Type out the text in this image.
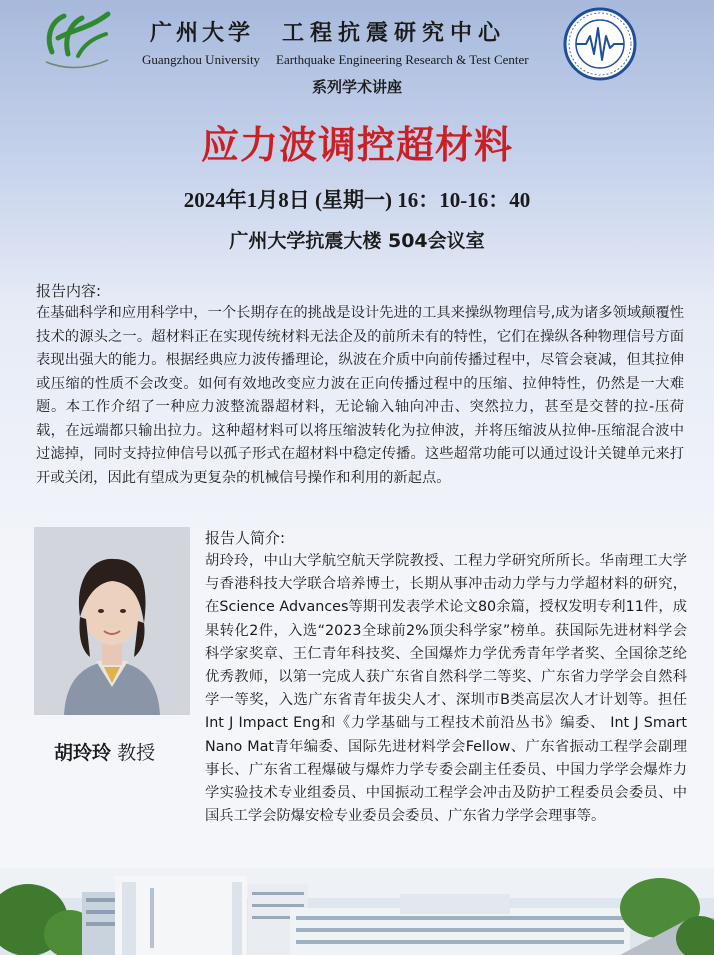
广州大学
Guangzhou University
工程抗震研究中心
Earthquake Engineering Research & Test Center
系列学术讲座
应力波调控超材料
2024年1月8日 (星期一) 16：10-16：40
广州大学抗震大楼 504会议室
报告内容:

在基础科学和应用科学中，一个长期存在的挑战是设计先进的工具来操纵物理信号,成为诸多领域颠覆性技术的源头之一。超材料正在实现传统材料无法企及的前所未有的特性，它们在操纵各种物理信号方面表现出强大的能力。根据经典应力波传播理论，纵波在介质中向前传播过程中，尽管会衰减，但其拉伸或压缩的性质不会改变。如何有效地改变应力波在正向传播过程中的压缩、拉伸特性，仍然是一大难题。本工作介绍了一种应力波整流器超材料，无论输入轴向冲击、突然拉力，甚至是交替的拉-压荷载，在远端都只输出拉力。这种超材料可以将压缩波转化为拉伸波，并将压缩波从拉伸-压缩混合波中过滤掉，同时支持拉伸信号以孤子形式在超材料中稳定传播。这些超常功能可以通过设计关键单元来打开或关闭，因此有望成为更复杂的机械信号操作和利用的新起点。

胡玲玲 教授
报告人简介:

胡玲玲，中山大学航空航天学院教授、工程力学研究所所长。华南理工大学与香港科技大学联合培养博士，长期从事冲击动力学与力学超材料的研究，在Science Advances等期刊发表学术论文80余篇，授权发明专利11件，成果转化2件，入选“2023全球前2%顶尖科学家”榜单。获国际先进材料学会科学家奖章、王仁青年科技奖、全国爆炸力学优秀青年学者奖、全国徐芝纶优秀教师，以第一完成人获广东省自然科学二等奖、广东省力学学会自然科学一等奖，入选广东省青年拔尖人才、深圳市B类高层次人才计划等。担任Int J Impact Eng和《力学基础与工程技术前沿丛书》编委、 Int J Smart Nano Mat青年编委、国际先进材料学会Fellow、广东省振动工程学会副理事长、广东省工程爆破与爆炸力学专委会副主任委员、中国力学学会爆炸力学实验技术专业组委员、中国振动工程学会冲击及防护工程委员会委员、中国兵工学会防爆安检专业委员会委员、广东省力学学会理事等。
